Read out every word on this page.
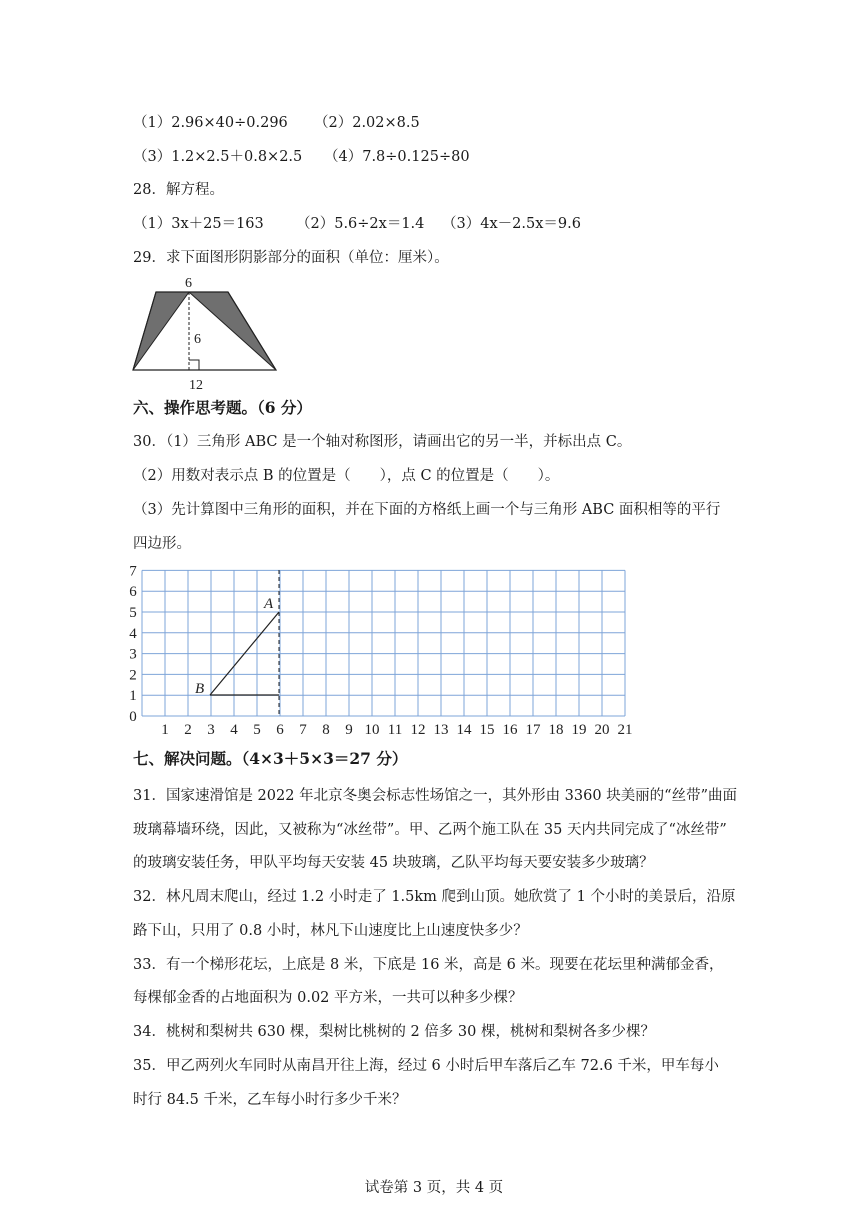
（1）2.96×40÷0.296 （2）2.02×8.5
（3）1.2×2.5＋0.8×2.5 （4）7.8÷0.125÷80
28．解方程。
（1）3x＋25＝163 （2）5.6÷2x＝1.4 （3）4x－2.5x＝9.6
29．求下面图形阴影部分的面积（单位：厘米）。
6
6
12
六、操作思考题。（6 分）
30．（1）三角形 ABC 是一个轴对称图形，请画出它的另一半，并标出点 C。
（2）用数对表示点 B 的位置是（　　），点 C 的位置是（　　）。
（3）先计算图中三角形的面积，并在下面的方格纸上画一个与三角形 ABC 面积相等的平行
四边形。
1 2 3 4 5 6 7 8 9 10 11 12 13 14 15 16 17 18 19 20 21
0
1
2
3
4
5
6
7
A
B
七、解决问题。（4×3＋5×3＝27 分）
31．国家速滑馆是 2022 年北京冬奥会标志性场馆之一，其外形由 3360 块美丽的“丝带”曲面
玻璃幕墙环绕，因此，又被称为“冰丝带”。甲、乙两个施工队在 35 天内共同完成了“冰丝带”
的玻璃安装任务，甲队平均每天安装 45 块玻璃，乙队平均每天要安装多少玻璃？
32．林凡周末爬山，经过 1.2 小时走了 1.5km 爬到山顶。她欣赏了 1 个小时的美景后，沿原
路下山，只用了 0.8 小时，林凡下山速度比上山速度快多少？
33．有一个梯形花坛，上底是 8 米，下底是 16 米，高是 6 米。现要在花坛里种满郁金香，
每棵郁金香的占地面积为 0.02 平方米，一共可以种多少棵？
34．桃树和梨树共 630 棵，梨树比桃树的 2 倍多 30 棵，桃树和梨树各多少棵？
35．甲乙两列火车同时从南昌开往上海，经过 6 小时后甲车落后乙车 72.6 千米，甲车每小
时行 84.5 千米，乙车每小时行多少千米？
试卷第 3 页，共 4 页
